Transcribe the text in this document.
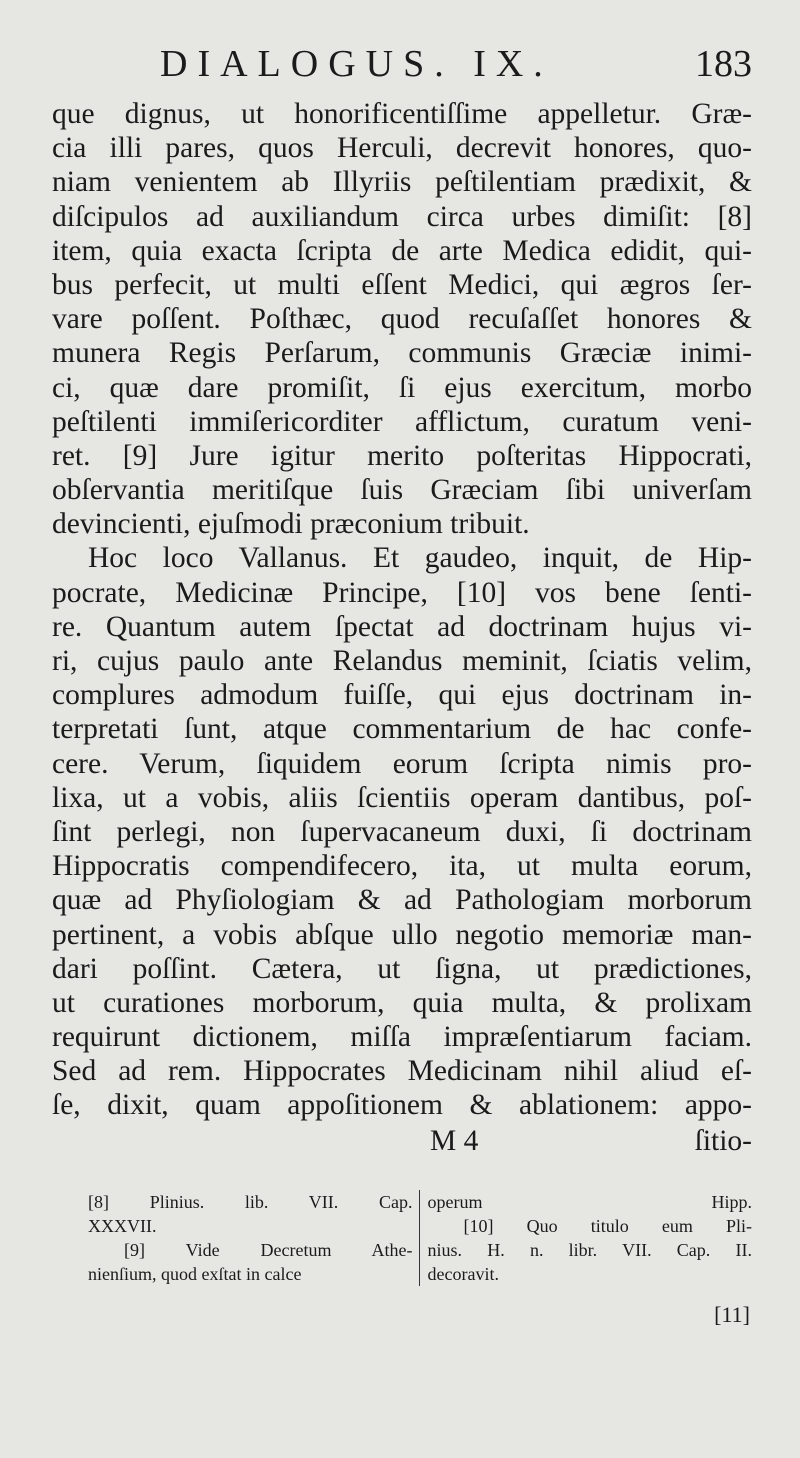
DIALOGUS. IX.	183
que dignus, ut honorificentiſſime appelletur. Græ-
cia illi pares, quos Herculi, decrevit honores, quo-
niam venientem ab Illyriis peſtilentiam prædixit, &
diſcipulos ad auxiliandum circa urbes dimiſit: [8]
item, quia exacta ſcripta de arte Medica edidit, qui-
bus perfecit, ut multi eſſent Medici, qui ægros ſer-
vare poſſent. Poſthæc, quod recuſaſſet honores &
munera Regis Perſarum, communis Græciæ inimi-
ci, quæ dare promiſit, ſi ejus exercitum, morbo
peſtilenti immiſericorditer afflictum, curatum veni-
ret. [9] Jure igitur merito poſteritas Hippocrati,
obſervantia meritiſque ſuis Græciam ſibi univerſam
devincienti, ejuſmodi præconium tribuit.
Hoc loco Vallanus. Et gaudeo, inquit, de Hip-
pocrate, Medicinæ Principe, [10] vos bene ſenti-
re. Quantum autem ſpectat ad doctrinam hujus vi-
ri, cujus paulo ante Relandus meminit, ſciatis velim,
complures admodum fuiſſe, qui ejus doctrinam in-
terpretati ſunt, atque commentarium de hac confe-
cere. Verum, ſiquidem eorum ſcripta nimis pro-
lixa, ut a vobis, aliis ſcientiis operam dantibus, poſ-
ſint perlegi, non ſupervacaneum duxi, ſi doctrinam
Hippocratis compendifecero, ita, ut multa eorum,
quæ ad Phyſiologiam & ad Pathologiam morborum
pertinent, a vobis abſque ullo negotio memoriæ man-
dari poſſint. Cætera, ut ſigna, ut prædictiones,
ut curationes morborum, quia multa, & prolixam
requirunt dictionem, miſſa impræſentiarum faciam.
Sed ad rem. Hippocrates Medicinam nihil aliud eſ-
ſe, dixit, quam appoſitionem & ablationem: appo-
M 4	ſitio-
[8] Plinius. lib. VII. Cap.
XXXVII.
[9] Vide Decretum Athe-
nienſium, quod exſtat in calce
operum Hipp.
[10] Quo titulo eum Pli-
nius. H. n. libr. VII. Cap. II.
decoravit.
[11]
